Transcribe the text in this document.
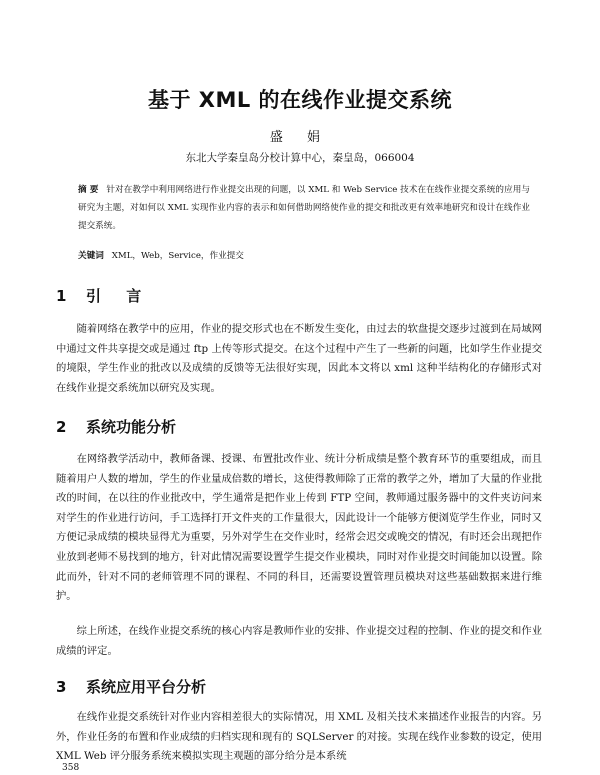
基于 XML 的在线作业提交系统
盛 娟
东北大学秦皇岛分校计算中心，秦皇岛，066004
摘 要 针对在教学中利用网络进行作业提交出现的问题，以 XML 和 Web Service 技术在在线作业提交系统的应用与研究为主题，对如何以 XML 实现作业内容的表示和如何借助网络使作业的提交和批改更有效率地研究和设计在线作业提交系统。
关键词 XML，Web，Service，作业提交
1 引 言
随着网络在教学中的应用，作业的提交形式也在不断发生变化，由过去的软盘提交逐步过渡到在局域网中通过文件共享提交或是通过 ftp 上传等形式提交。在这个过程中产生了一些新的问题，比如学生作业提交的境限，学生作业的批改以及成绩的反馈等无法很好实现，因此本文将以 xml 这种半结构化的存储形式对在线作业提交系统加以研究及实现。
2 系统功能分析
在网络教学活动中，教师备课、授课、布置批改作业、统计分析成绩是整个教育环节的重要组成，而且随着用户人数的增加，学生的作业量成倍数的增长，这使得教师除了正常的教学之外，增加了大量的作业批改的时间，在以往的作业批改中，学生通常是把作业上传到 FTP 空间，教师通过服务器中的文件夹访问来对学生的作业进行访问，手工选择打开文件夹的工作量很大，因此设计一个能够方便浏览学生作业，同时又方便记录成绩的模块显得尤为重要，另外对学生在交作业时，经常会迟交或晚交的情况，有时还会出现把作业放到老师不易找到的地方，针对此情况需要设置学生提交作业模块，同时对作业提交时间能加以设置。除此而外，针对不同的老师管理不同的课程、不同的科目，还需要设置管理员模块对这些基础数据来进行维护。
综上所述，在线作业提交系统的核心内容是教师作业的安排、作业提交过程的控制、作业的提交和作业成绩的评定。
3 系统应用平台分析
在线作业提交系统针对作业内容相差很大的实际情况，用 XML 及相关技术来描述作业报告的内容。另外，作业任务的布置和作业成绩的归档实现和现有的 SQLServer 的对接。实现在线作业参数的设定，使用 XML Web 评分服务系统来模拟实现主观题的部分给分是本系统
358
